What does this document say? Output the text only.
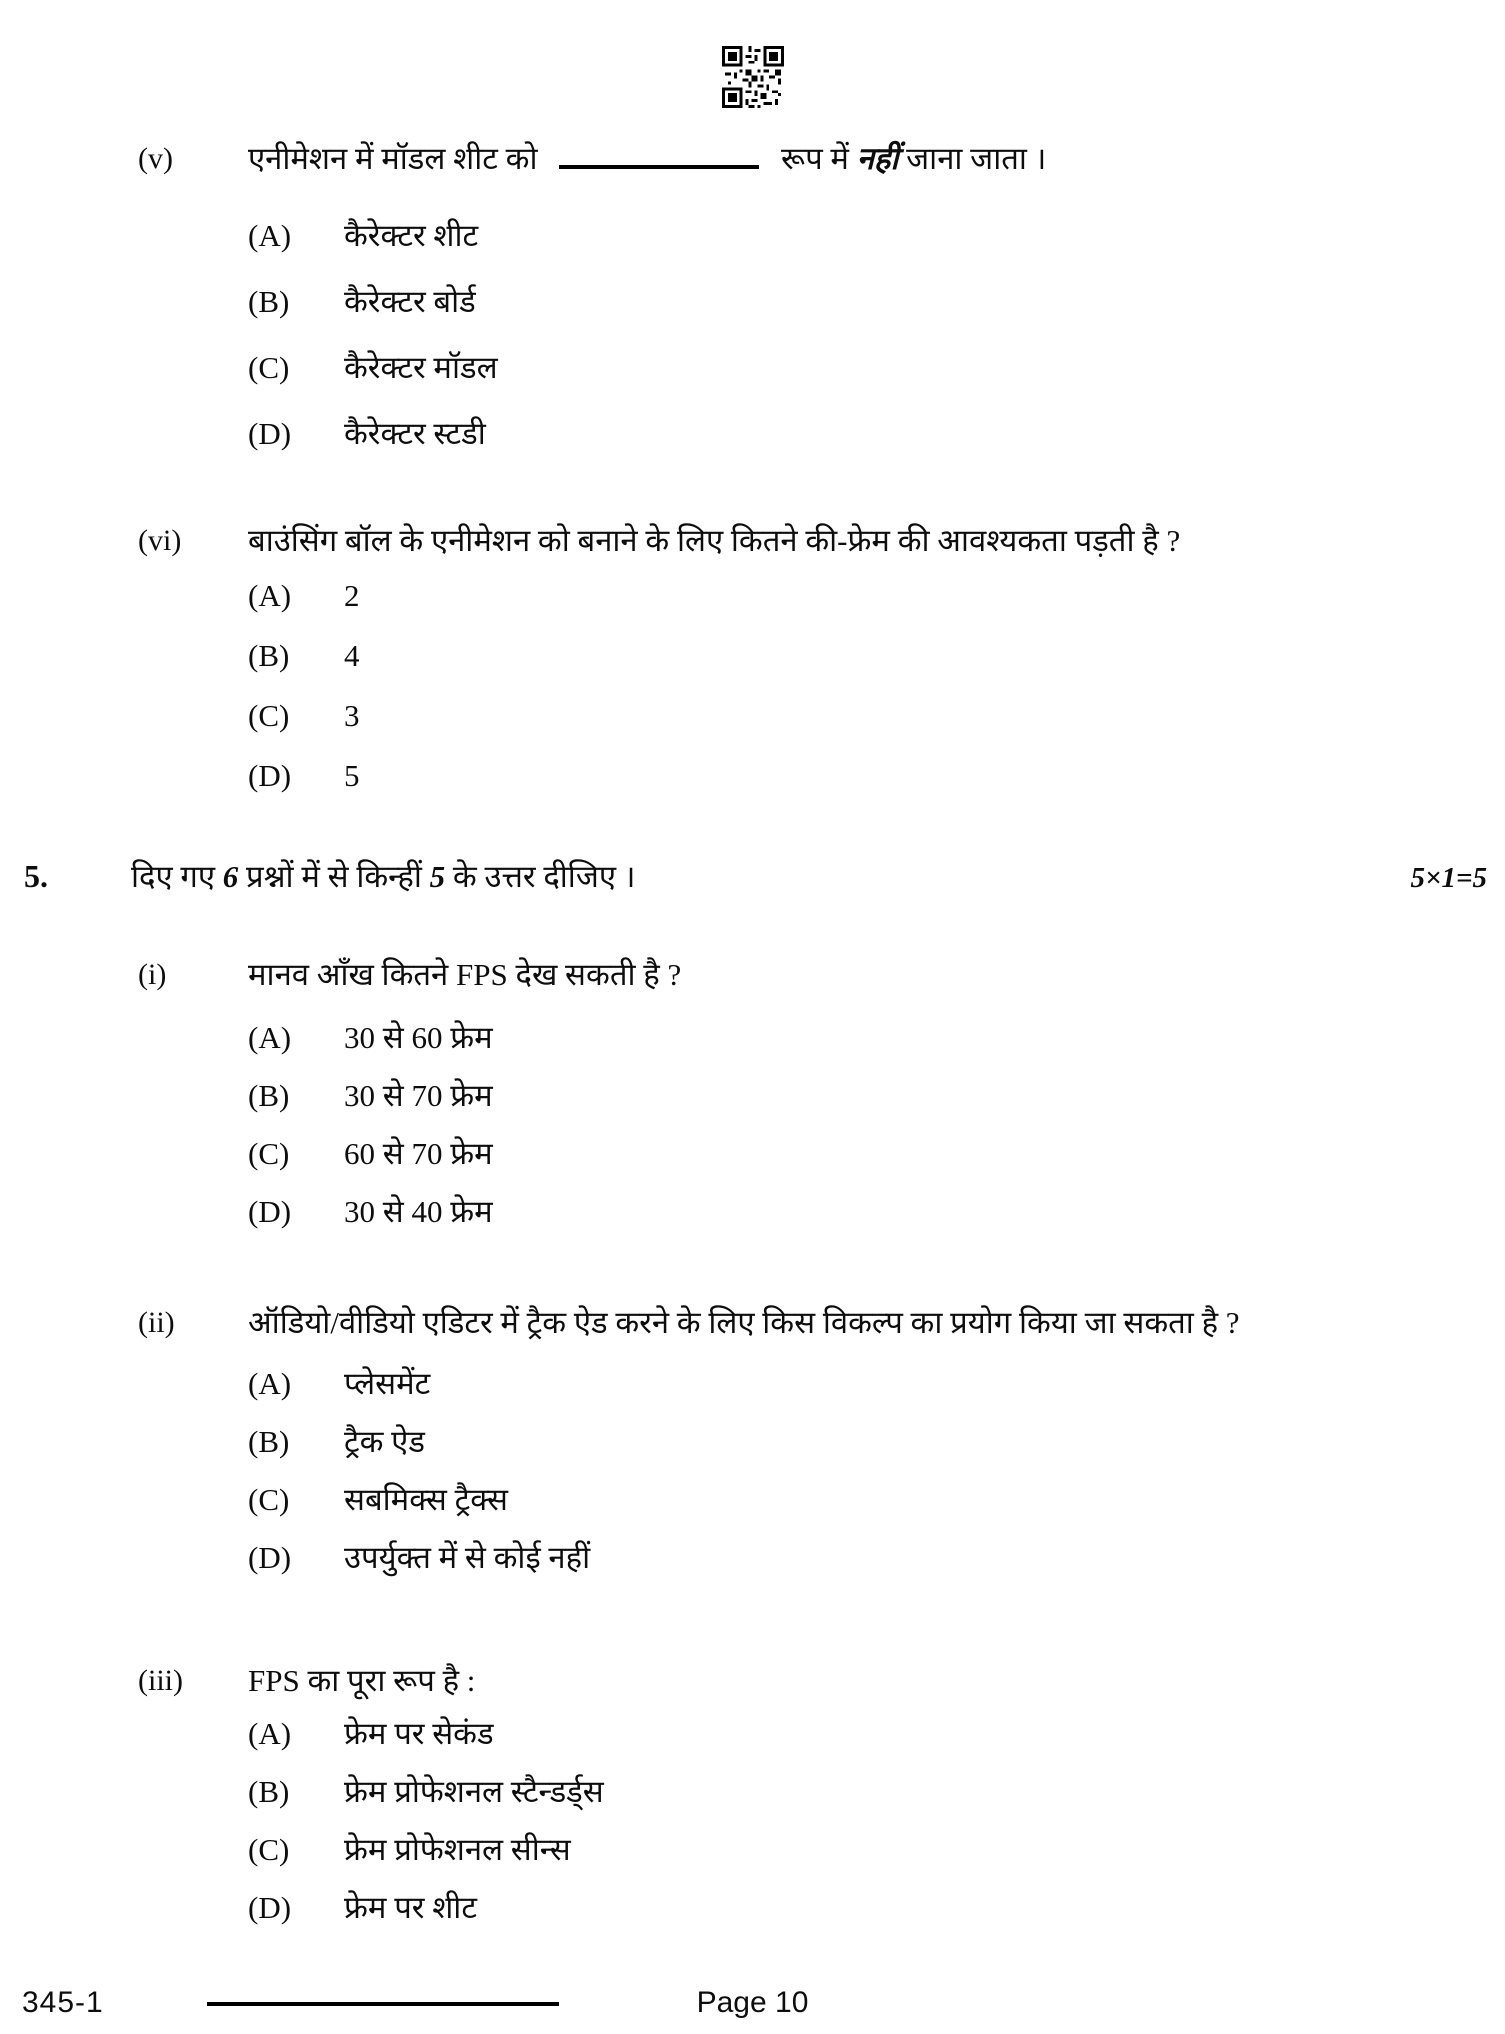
(v)	एनीमेशन में मॉडल शीट को	रूप में नहीं जाना जाता ।
(A)	कैरेक्टर शीट
(B)	कैरेक्टर बोर्ड
(C)	कैरेक्टर मॉडल
(D)	कैरेक्टर स्टडी
(vi)	बाउंसिंग बॉल के एनीमेशन को बनाने के लिए कितने की-फ्रेम की आवश्यकता पड़ती है ?
(A)	2
(B)	4
(C)	3
(D)	5
5.	दिए गए 6 प्रश्नों में से किन्हीं 5 के उत्तर दीजिए ।	5×1=5
(i)	मानव आँख कितने FPS देख सकती है ?
(A)	30 से 60 फ्रेम
(B)	30 से 70 फ्रेम
(C)	60 से 70 फ्रेम
(D)	30 से 40 फ्रेम
(ii)	ऑडियो/वीडियो एडिटर में ट्रैक ऐड करने के लिए किस विकल्प का प्रयोग किया जा सकता है ?
(A)	प्लेसमेंट
(B)	ट्रैक ऐड
(C)	सबमिक्स ट्रैक्स
(D)	उपर्युक्त में से कोई नहीं
(iii)	FPS का पूरा रूप है :
(A)	फ्रेम पर सेकंड
(B)	फ्रेम प्रोफेशनल स्टैन्डर्ड्स
(C)	फ्रेम प्रोफेशनल सीन्स
(D)	फ्रेम पर शीट
345-1	Page 10
